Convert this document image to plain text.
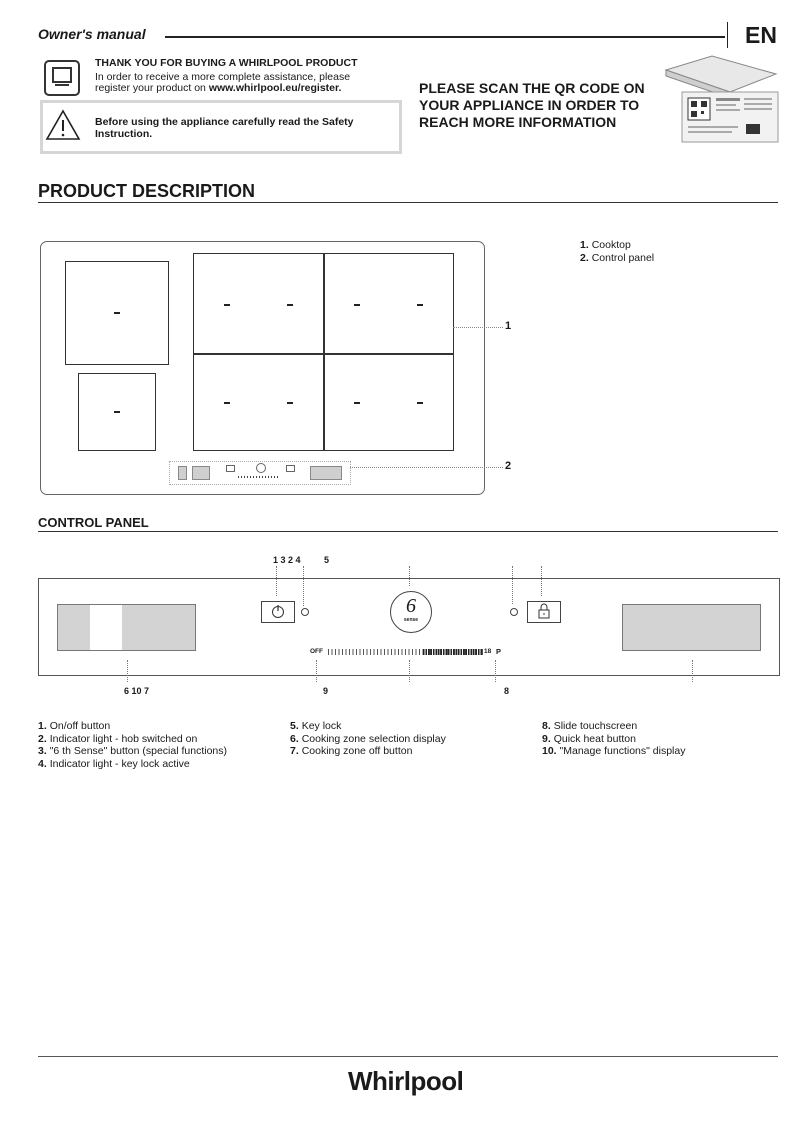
Owner's manual	EN
THANK YOU FOR BUYING A WHIRLPOOL PRODUCT
In order to receive a more complete assistance, please
register your product on www.whirlpool.eu/register.
Before using the appliance carefully read the Safety Instruction.
PLEASE SCAN THE QR CODE ON YOUR APPLIANCE IN ORDER TO REACH MORE INFORMATION
PRODUCT DESCRIPTION
1. Cooktop
2. Control panel
1
2
CONTROL PANEL
1 3 2 4	5
6
sense
OFF	18 P
6 10 7	9	8
1. On/off button
2. Indicator light - hob switched on
3. "6 th Sense" button (special functions)
4. Indicator light - key lock active
5. Key lock
6. Cooking zone selection display
7. Cooking zone off button
8. Slide touchscreen
9. Quick heat button
10. "Manage functions" display
Whirlpool
